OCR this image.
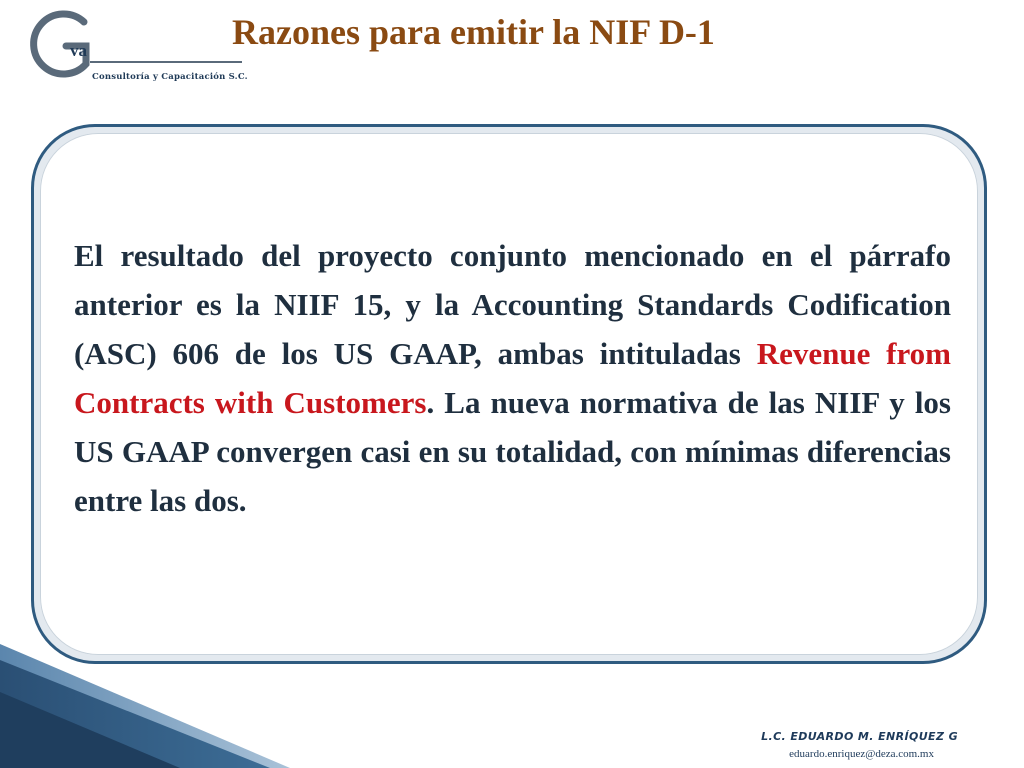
va
Consultoría y Capacitación S.C.
Razones para emitir la NIF D-1

El resultado del proyecto conjunto mencionado en el párrafo anterior es la NIIF 15, y la Accounting Standards Codification (ASC) 606 de los US GAAP, ambas intituladas Revenue from Contracts with Customers. La nueva normativa de las NIIF y los US GAAP convergen casi en su totalidad, con mínimas diferencias entre las dos.

L.C. EDUARDO M. ENRÍQUEZ G
eduardo.enriquez@deza.com.mx
